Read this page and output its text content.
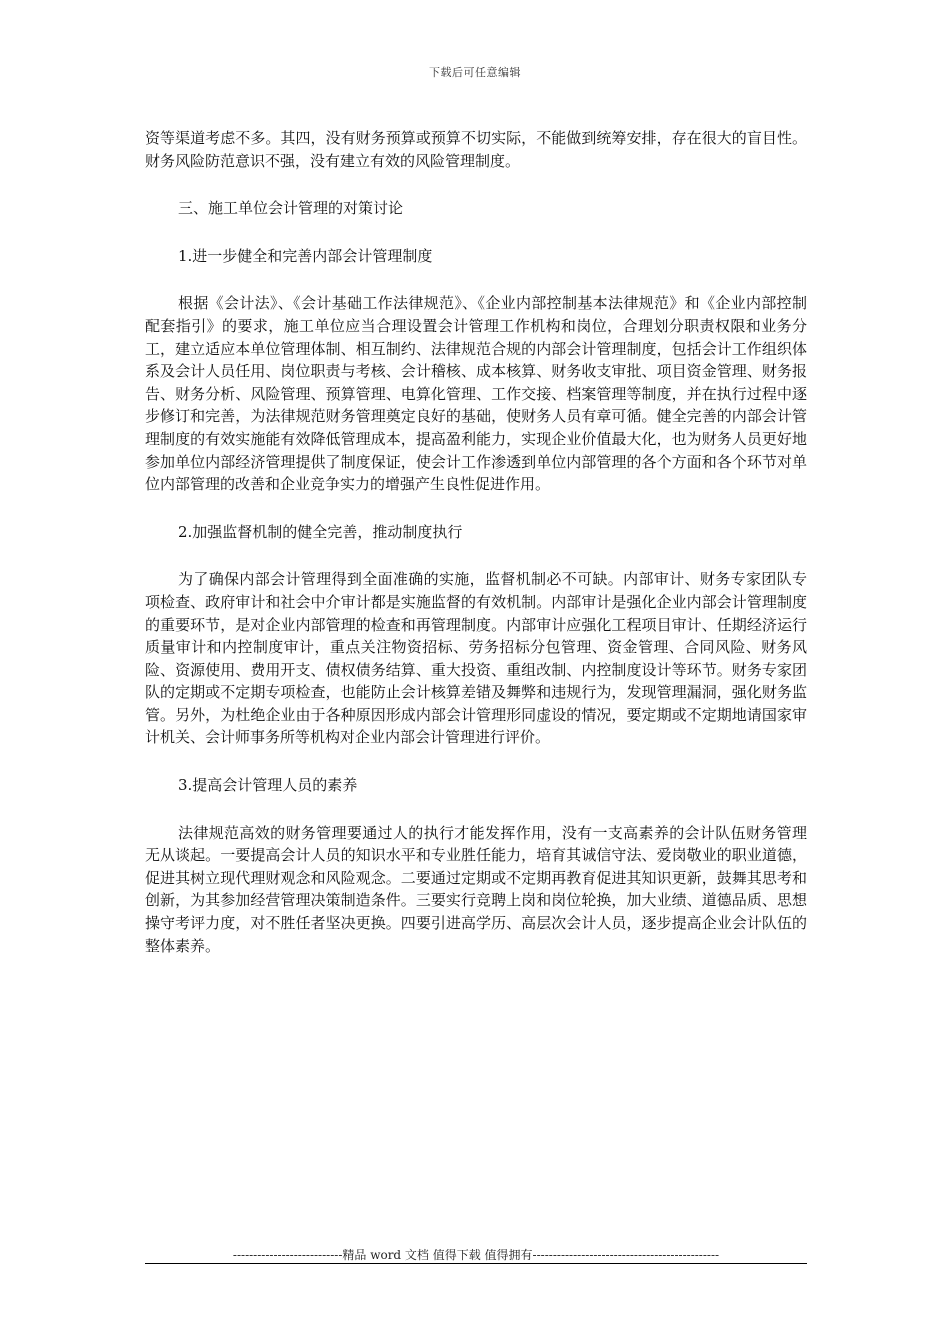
下载后可任意编辑

资等渠道考虑不多。其四，没有财务预算或预算不切实际，不能做到统筹安排，存在很大的盲目性。财务风险防范意识不强，没有建立有效的风险管理制度。

三、施工单位会计管理的对策讨论

1.进一步健全和完善内部会计管理制度

根据《会计法》、《会计基础工作法律规范》、《企业内部控制基本法律规范》和《企业内部控制配套指引》的要求，施工单位应当合理设置会计管理工作机构和岗位，合理划分职责权限和业务分工，建立适应本单位管理体制、相互制约、法律规范合规的内部会计管理制度，包括会计工作组织体系及会计人员任用、岗位职责与考核、会计稽核、成本核算、财务收支审批、项目资金管理、财务报告、财务分析、风险管理、预算管理、电算化管理、工作交接、档案管理等制度，并在执行过程中逐步修订和完善，为法律规范财务管理奠定良好的基础，使财务人员有章可循。健全完善的内部会计管理制度的有效实施能有效降低管理成本，提高盈利能力，实现企业价值最大化，也为财务人员更好地参加单位内部经济管理提供了制度保证，使会计工作渗透到单位内部管理的各个方面和各个环节对单位内部管理的改善和企业竞争实力的增强产生良性促进作用。

2.加强监督机制的健全完善，推动制度执行

为了确保内部会计管理得到全面准确的实施，监督机制必不可缺。内部审计、财务专家团队专项检查、政府审计和社会中介审计都是实施监督的有效机制。内部审计是强化企业内部会计管理制度的重要环节，是对企业内部管理的检查和再管理制度。内部审计应强化工程项目审计、任期经济运行质量审计和内控制度审计，重点关注物资招标、劳务招标分包管理、资金管理、合同风险、财务风险、资源使用、费用开支、债权债务结算、重大投资、重组改制、内控制度设计等环节。财务专家团队的定期或不定期专项检查，也能防止会计核算差错及舞弊和违规行为，发现管理漏洞，强化财务监管。另外，为杜绝企业由于各种原因形成内部会计管理形同虚设的情况，要定期或不定期地请国家审计机关、会计师事务所等机构对企业内部会计管理进行评价。

3.提高会计管理人员的素养

法律规范高效的财务管理要通过人的执行才能发挥作用，没有一支高素养的会计队伍财务管理无从谈起。一要提高会计人员的知识水平和专业胜任能力，培育其诚信守法、爱岗敬业的职业道德，促进其树立现代理财观念和风险观念。二要通过定期或不定期再教育促进其知识更新，鼓舞其思考和创新，为其参加经营管理决策制造条件。三要实行竞聘上岗和岗位轮换，加大业绩、道德品质、思想操守考评力度，对不胜任者坚决更换。四要引进高学历、高层次会计人员，逐步提高企业会计队伍的整体素养。

---------------------------精品 word 文档 值得下载 值得拥有----------------------------------------------
